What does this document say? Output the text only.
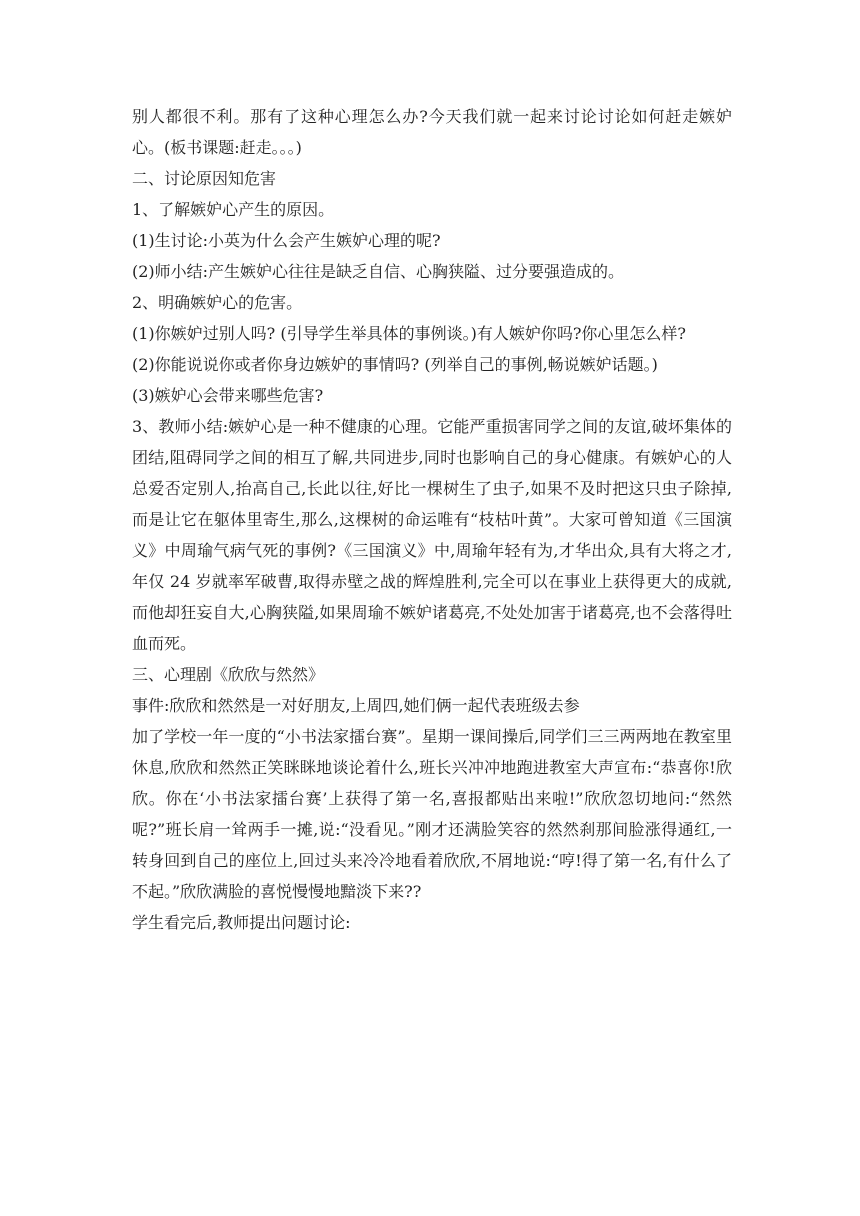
别人都很不利。那有了这种心理怎么办?今天我们就一起来讨论讨论如何赶走嫉妒心。(板书课题:赶走。。。)

二、讨论原因知危害

1、了解嫉妒心产生的原因。

(1)生讨论:小英为什么会产生嫉妒心理的呢?

(2)师小结:产生嫉妒心往往是缺乏自信、心胸狭隘、过分要强造成的。

2、明确嫉妒心的危害。

(1)你嫉妒过别人吗? (引导学生举具体的事例谈。)有人嫉妒你吗?你心里怎么样?

(2)你能说说你或者你身边嫉妒的事情吗? (列举自己的事例,畅说嫉妒话题。)

(3)嫉妒心会带来哪些危害?

3、教师小结:嫉妒心是一种不健康的心理。它能严重损害同学之间的友谊,破坏集体的团结,阻碍同学之间的相互了解,共同进步,同时也影响自己的身心健康。有嫉妒心的人总爱否定别人,抬高自己,长此以往,好比一棵树生了虫子,如果不及时把这只虫子除掉,而是让它在躯体里寄生,那么,这棵树的命运唯有“枝枯叶黄”。大家可曾知道《三国演义》中周瑜气病气死的事例?《三国演义》中,周瑜年轻有为,才华出众,具有大将之才,年仅 24 岁就率军破曹,取得赤壁之战的辉煌胜利,完全可以在事业上获得更大的成就,而他却狂妄自大,心胸狭隘,如果周瑜不嫉妒诸葛亮,不处处加害于诸葛亮,也不会落得吐血而死。

三、心理剧《欣欣与然然》

事件:欣欣和然然是一对好朋友,上周四,她们俩一起代表班级去参

加了学校一年一度的“小书法家擂台赛”。星期一课间操后,同学们三三两两地在教室里休息,欣欣和然然正笑眯眯地谈论着什么,班长兴冲冲地跑进教室大声宣布:“恭喜你!欣欣。你在‘小书法家擂台赛’上获得了第一名,喜报都贴出来啦!”欣欣忽切地问:“然然呢?”班长肩一耸两手一摊,说:“没看见。”刚才还满脸笑容的然然刹那间脸涨得通红,一转身回到自己的座位上,回过头来冷冷地看着欣欣,不屑地说:“哼!得了第一名,有什么了不起。”欣欣满脸的喜悦慢慢地黯淡下来??

学生看完后,教师提出问题讨论:
